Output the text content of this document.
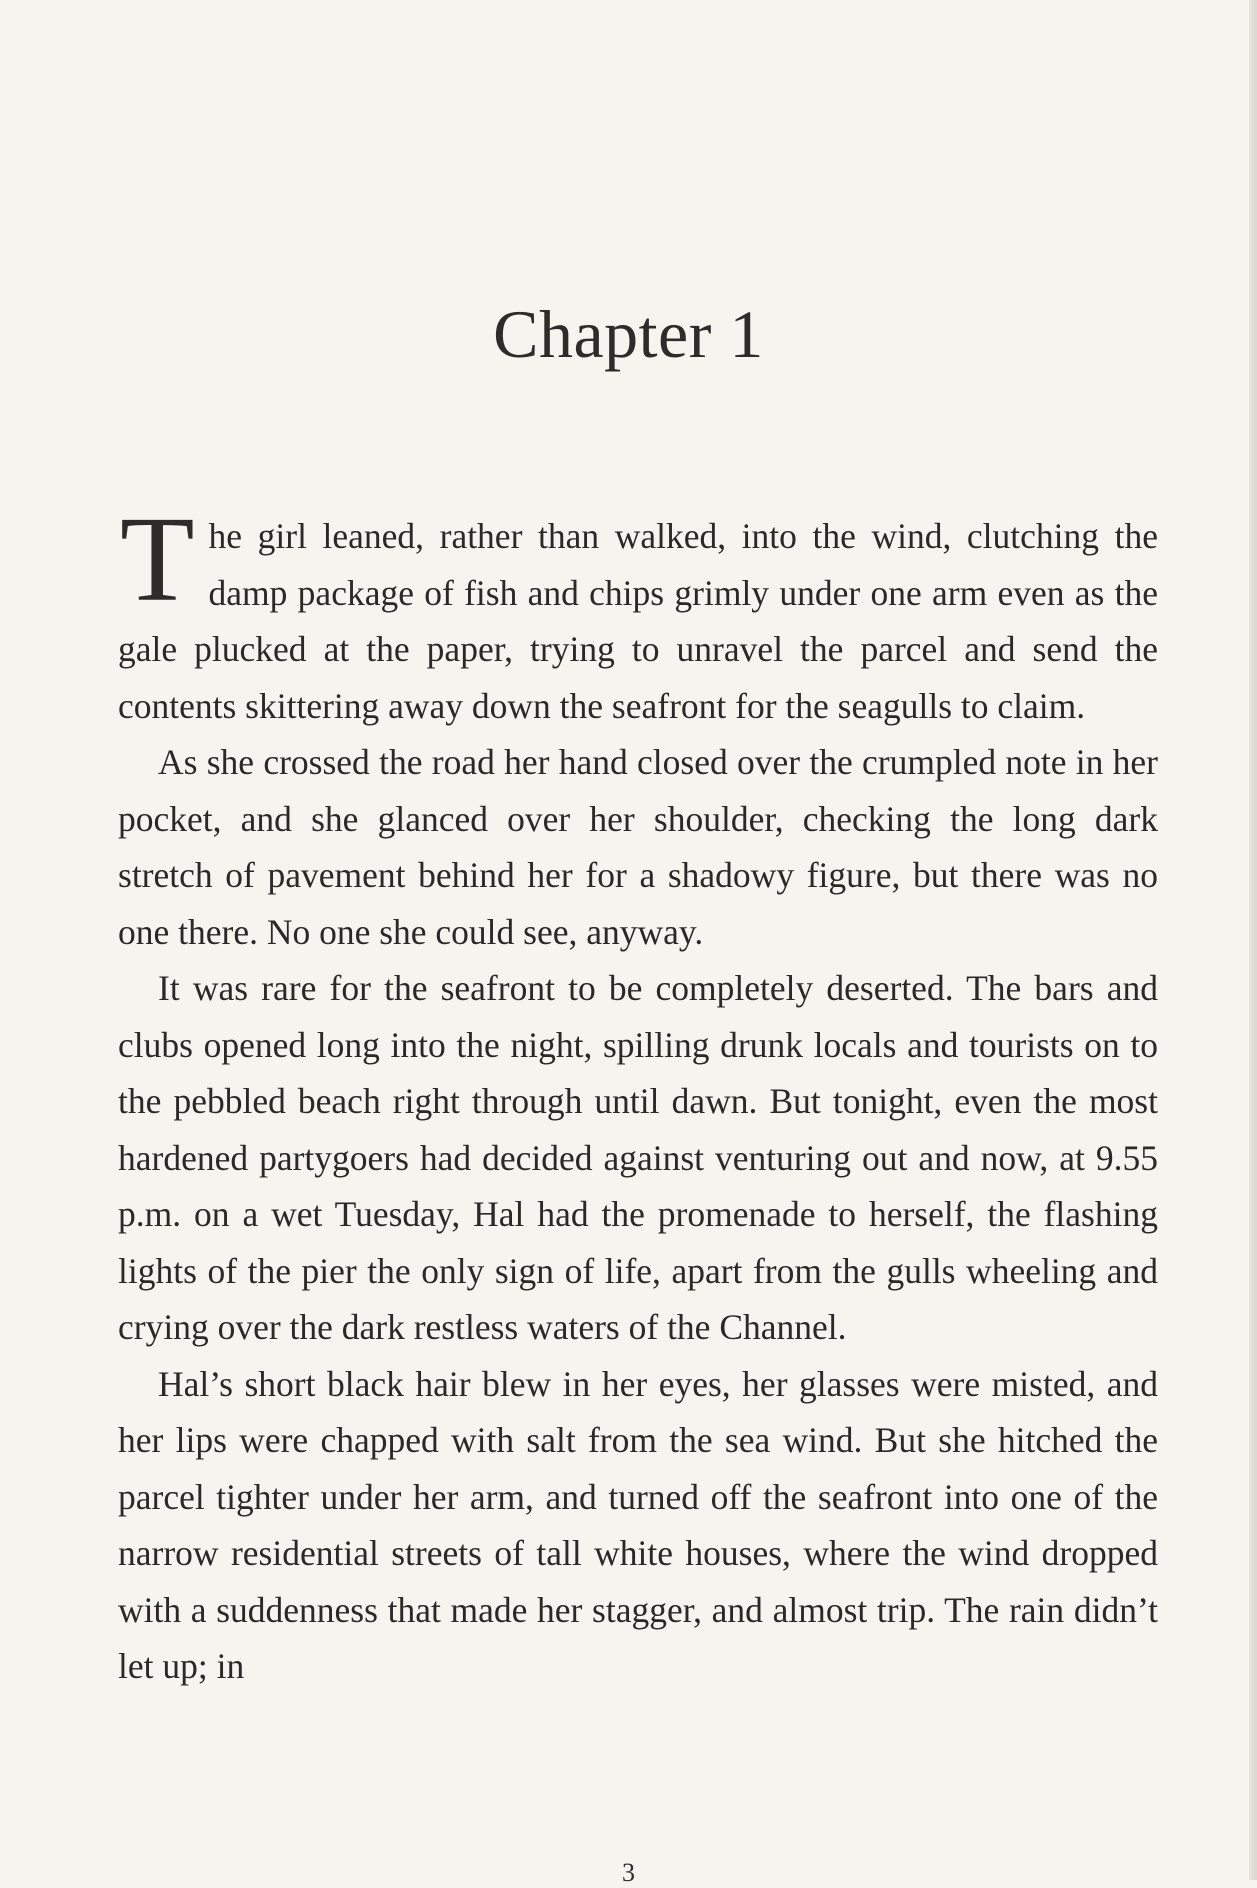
Chapter 1

The girl leaned, rather than walked, into the wind, clutching the damp package of fish and chips grimly under one arm even as the gale plucked at the paper, trying to unravel the parcel and send the contents skittering away down the seafront for the seagulls to claim.

As she crossed the road her hand closed over the crumpled note in her pocket, and she glanced over her shoulder, checking the long dark stretch of pavement behind her for a shadowy figure, but there was no one there. No one she could see, anyway.

It was rare for the seafront to be completely deserted. The bars and clubs opened long into the night, spilling drunk locals and tourists on to the pebbled beach right through until dawn. But tonight, even the most hardened partygoers had decided against venturing out and now, at 9.55 p.m. on a wet Tuesday, Hal had the promenade to herself, the flashing lights of the pier the only sign of life, apart from the gulls wheeling and crying over the dark restless waters of the Channel.

Hal’s short black hair blew in her eyes, her glasses were misted, and her lips were chapped with salt from the sea wind. But she hitched the parcel tighter under her arm, and turned off the seafront into one of the narrow residential streets of tall white houses, where the wind dropped with a suddenness that made her stagger, and almost trip. The rain didn’t let up; in

3
